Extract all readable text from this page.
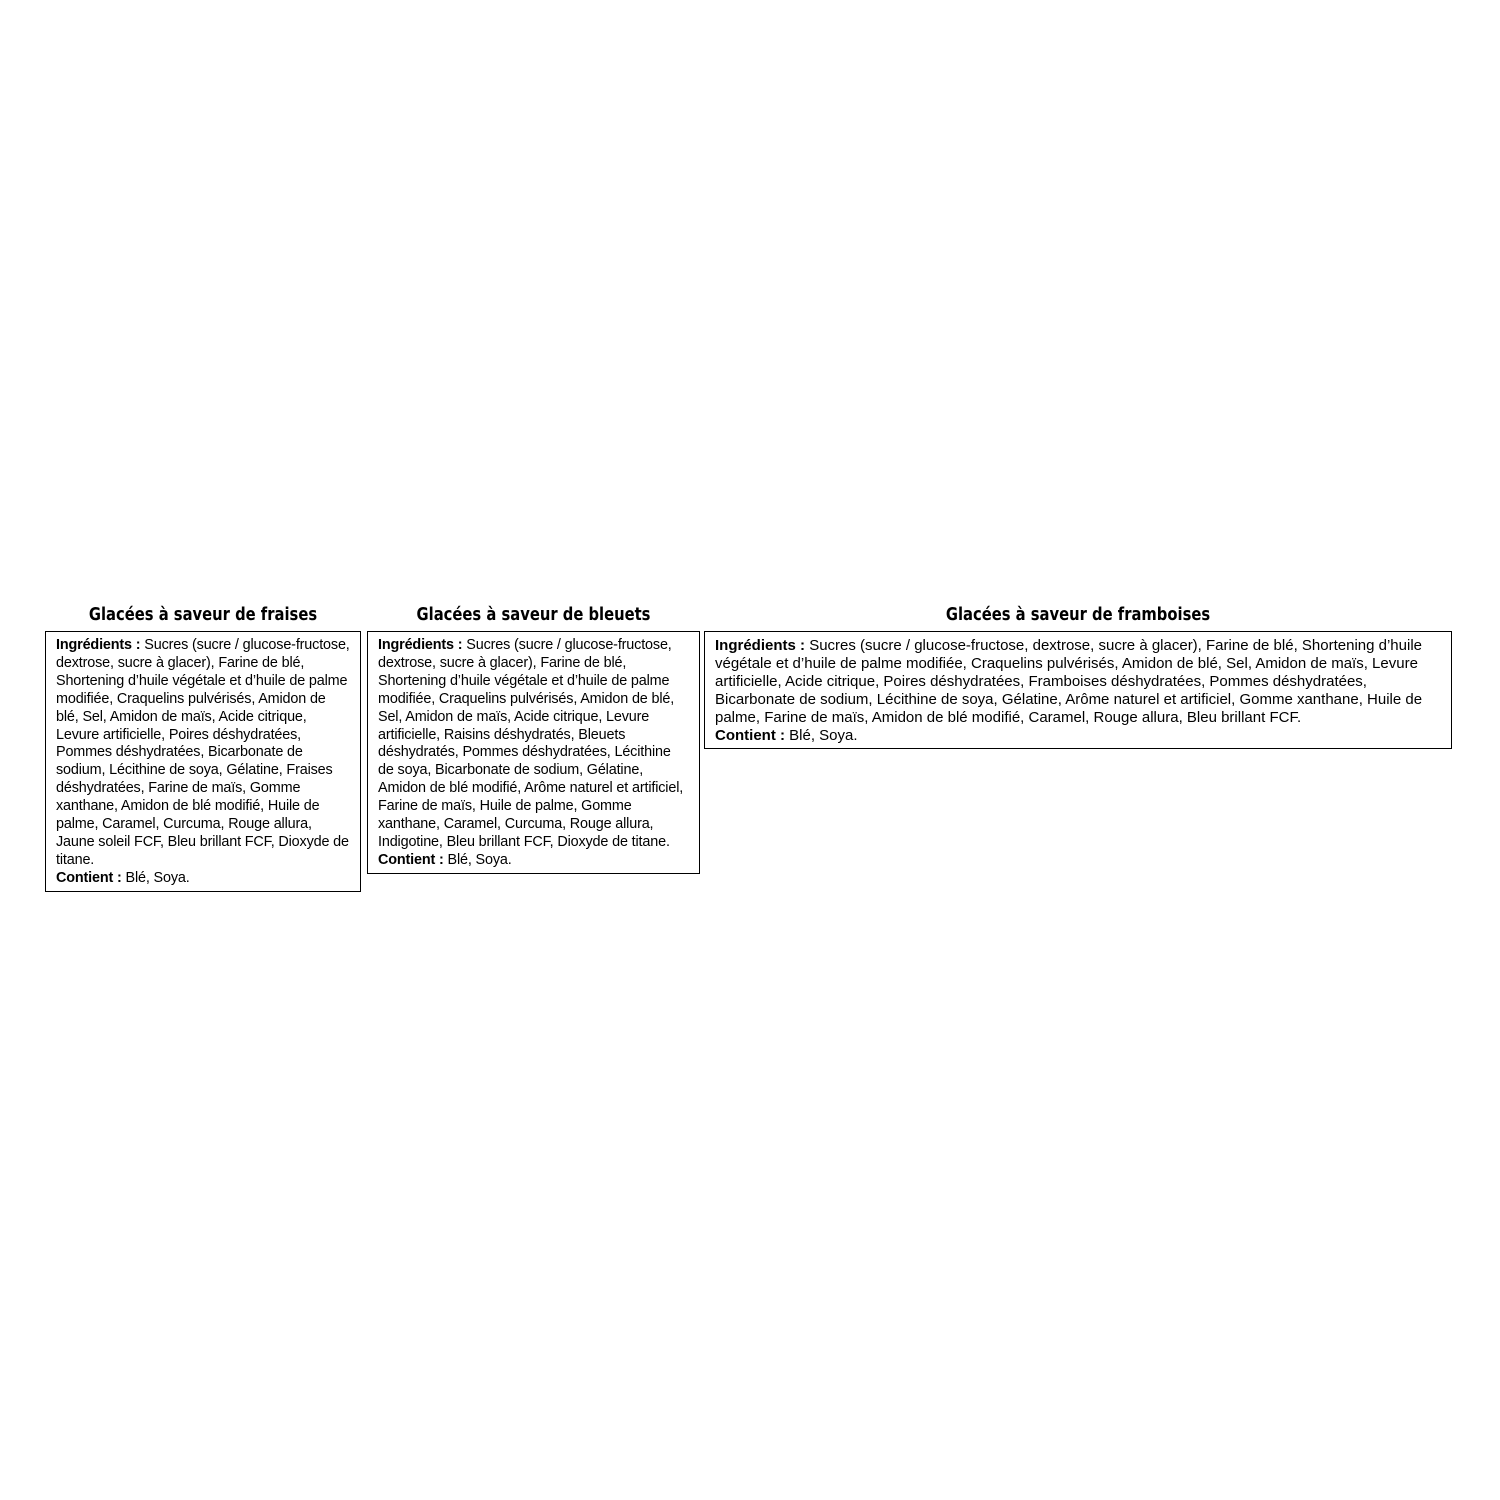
Glacées à saveur de fraises

Ingrédients : Sucres (sucre / glucose-fructose, dextrose, sucre à glacer), Farine de blé, Shortening d’huile végétale et d’huile de palme modifiée, Craquelins pulvérisés, Amidon de blé, Sel, Amidon de maïs, Acide citrique, Levure artificielle, Poires déshydratées, Pommes déshydratées, Bicarbonate de sodium, Lécithine de soya, Gélatine, Fraises déshydratées, Farine de maïs, Gomme xanthane, Amidon de blé modifié, Huile de palme, Caramel, Curcuma, Rouge allura, Jaune soleil FCF, Bleu brillant FCF, Dioxyde de titane.

Contient : Blé, Soya.

Glacées à saveur de bleuets

Ingrédients : Sucres (sucre / glucose-fructose, dextrose, sucre à glacer), Farine de blé, Shortening d’huile végétale et d’huile de palme modifiée, Craquelins pulvérisés, Amidon de blé, Sel, Amidon de maïs, Acide citrique, Levure artificielle, Raisins déshydratés, Bleuets déshydratés, Pommes déshydratées, Lécithine de soya, Bicarbonate de sodium, Gélatine, Amidon de blé modifié, Arôme naturel et artificiel, Farine de maïs, Huile de palme, Gomme xanthane, Caramel, Curcuma, Rouge allura, Indigotine, Bleu brillant FCF, Dioxyde de titane.

Contient : Blé, Soya.

Glacées à saveur de framboises

Ingrédients : Sucres (sucre / glucose-fructose, dextrose, sucre à glacer), Farine de blé, Shortening d’huile végétale et d’huile de palme modifiée, Craquelins pulvérisés, Amidon de blé, Sel, Amidon de maïs, Levure artificielle, Acide citrique, Poires déshydratées, Framboises déshydratées, Pommes déshydratées, Bicarbonate de sodium, Lécithine de soya, Gélatine, Arôme naturel et artificiel, Gomme xanthane, Huile de palme, Farine de maïs, Amidon de blé modifié, Caramel, Rouge allura, Bleu brillant FCF.

Contient : Blé, Soya.
